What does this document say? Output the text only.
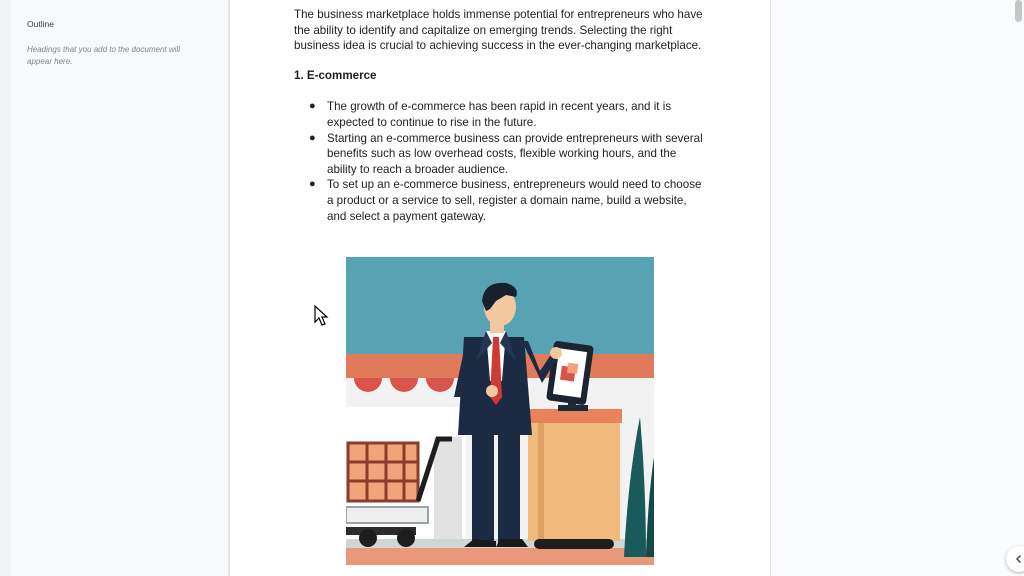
Outline
Headings that you add to the document will appear here.

The business marketplace holds immense potential for entrepreneurs who have the ability to identify and capitalize on emerging trends. Selecting the right business idea is crucial to achieving success in the ever-changing marketplace.

1. E-commerce

● The growth of e-commerce has been rapid in recent years, and it is expected to continue to rise in the future.
● Starting an e-commerce business can provide entrepreneurs with several benefits such as low overhead costs, flexible working hours, and the ability to reach a broader audience.
● To set up an e-commerce business, entrepreneurs would need to choose a product or a service to sell, register a domain name, build a website, and select a payment gateway.
